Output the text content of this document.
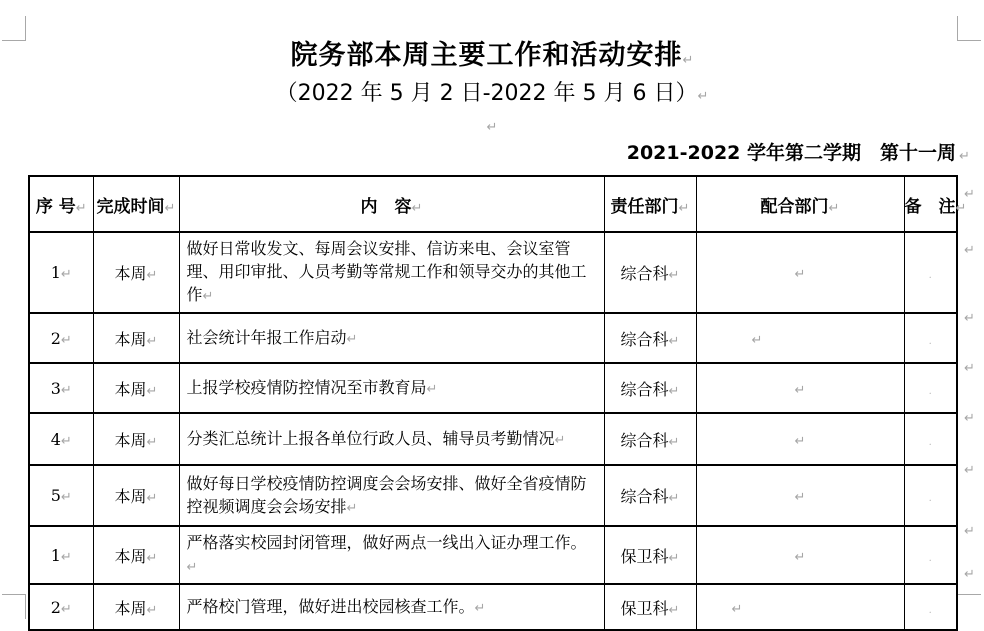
院务部本周主要工作和活动安排↵
（2022 年 5 月 2 日-2022 年 5 月 6 日）↵
↵
2021-2022 学年第二学期　第十一周 ↵
序 号↵	完成时间↵	内　容↵	责任部门↵	配合部门↵	备　注↵
1↵	本周↵	做好日常收发文、每周会议安排、信访来电、会议室管理、用印审批、人员考勤等常规工作和领导交办的其他工作↵	综合科↵	↵	.
2↵	本周↵	社会统计年报工作启动↵	综合科↵	↵	.
3↵	本周↵	上报学校疫情防控情况至市教育局↵	综合科↵	↵	.
4↵	本周↵	分类汇总统计上报各单位行政人员、辅导员考勤情况↵	综合科↵	↵	.
5↵	本周↵	做好每日学校疫情防控调度会会场安排、做好全省疫情防控视频调度会会场安排↵	综合科↵	↵	.
1↵	本周↵	严格落实校园封闭管理，做好两点一线出入证办理工作。↵	保卫科↵	↵	.
2↵	本周↵	严格校门管理，做好进出校园核查工作。↵	保卫科↵	↵	.
↵
↵
↵
↵
↵
↵
↵
↵
